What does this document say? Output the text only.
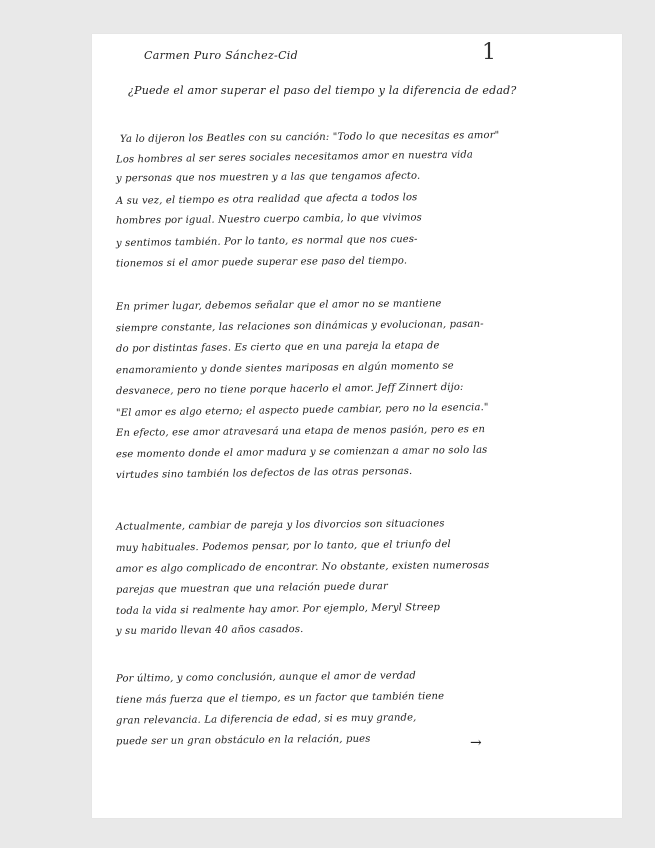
Carmen Puro Sánchez-Cid	1
¿Puede el amor superar el paso del tiempo y la diferencia de edad?
Ya lo dijeron los Beatles con su canción: "Todo lo que necesitas es amor"
Los hombres al ser seres sociales necesitamos amor en nuestra vida
y personas que nos muestren y a las que tengamos afecto.
A su vez, el tiempo es otra realidad que afecta a todos los
hombres por igual. Nuestro cuerpo cambia, lo que vivimos
y sentimos también. Por lo tanto, es normal que nos cues-
tionemos si el amor puede superar ese paso del tiempo.
En primer lugar, debemos señalar que el amor no se mantiene
siempre constante, las relaciones son dinámicas y evolucionan, pasan-
do por distintas fases. Es cierto que en una pareja la etapa de
enamoramiento y donde sientes mariposas en algún momento se
desvanece, pero no tiene porque hacerlo el amor. Jeff Zinnert dijo:
"El amor es algo eterno; el aspecto puede cambiar, pero no la esencia."
En efecto, ese amor atravesará una etapa de menos pasión, pero es en
ese momento donde el amor madura y se comienzan a amar no solo las
virtudes sino también los defectos de las otras personas.
Actualmente, cambiar de pareja y los divorcios son situaciones
muy habituales. Podemos pensar, por lo tanto, que el triunfo del
amor es algo complicado de encontrar. No obstante, existen numerosas
parejas que muestran que una relación puede durar
toda la vida si realmente hay amor. Por ejemplo, Meryl Streep
y su marido llevan 40 años casados.
Por último, y como conclusión, aunque el amor de verdad
tiene más fuerza que el tiempo, es un factor que también tiene
gran relevancia. La diferencia de edad, si es muy grande,
puede ser un gran obstáculo en la relación, pues	→
